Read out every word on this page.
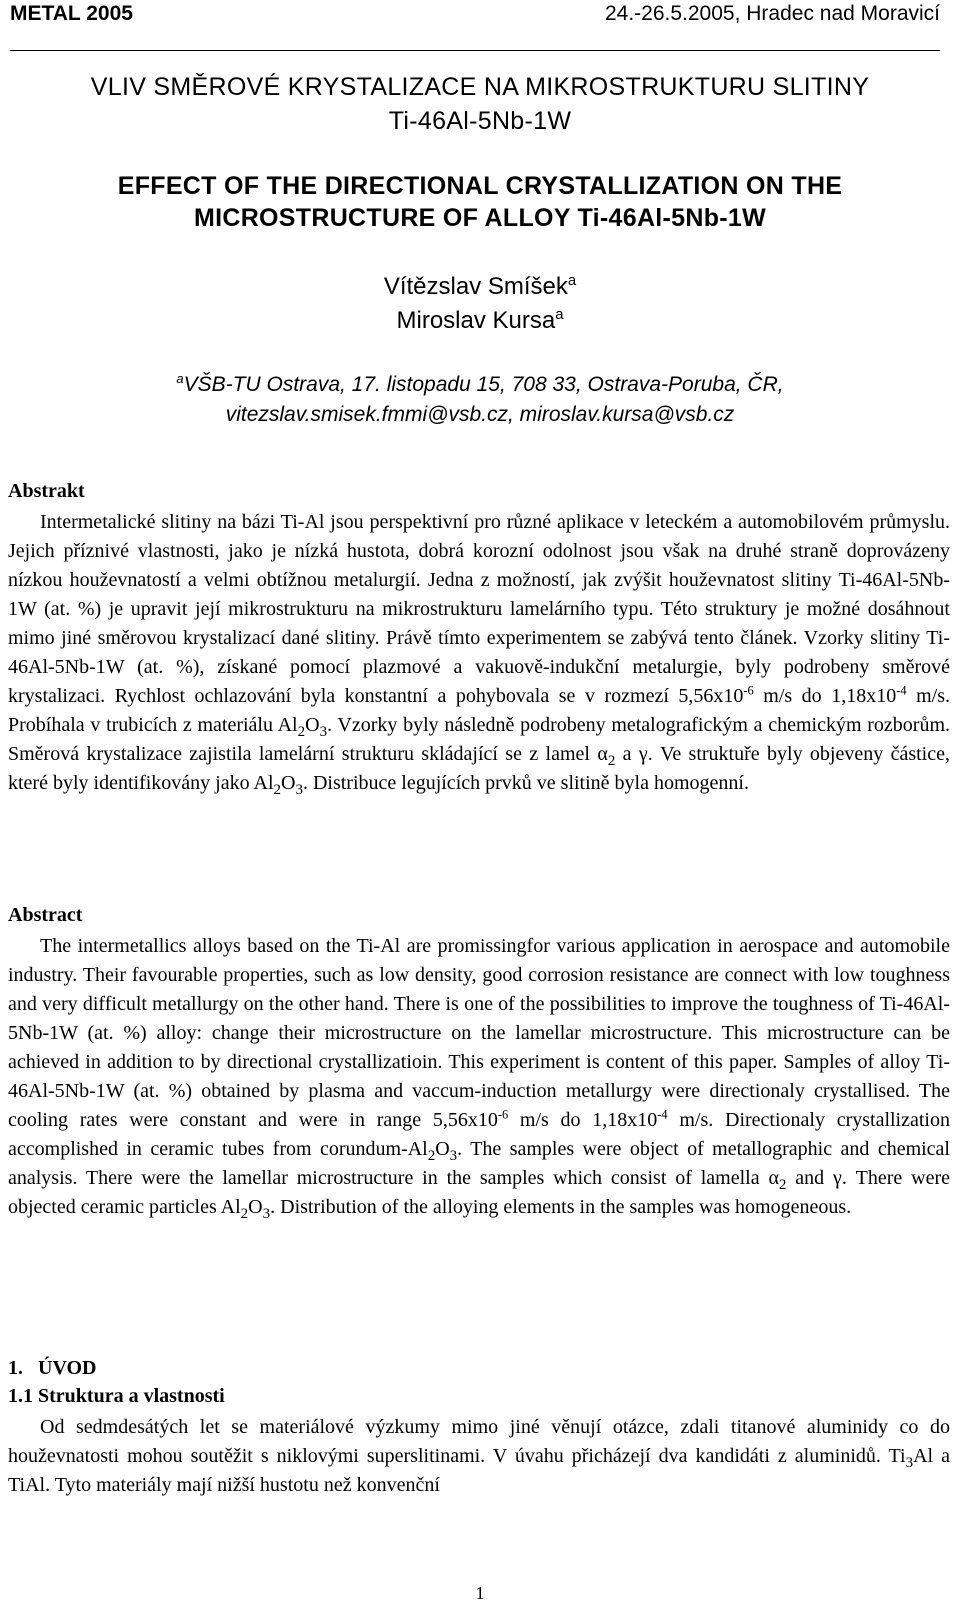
METAL 2005	24.-26.5.2005, Hradec nad Moravicí
VLIV SMĚROVÉ KRYSTALIZACE NA MIKROSTRUKTURU SLITINY
Ti-46Al-5Nb-1W
EFFECT OF THE DIRECTIONAL CRYSTALLIZATION ON THE
MICROSTRUCTURE OF ALLOY Ti-46Al-5Nb-1W
Vítězslav Smíšek$^a$
Miroslav Kursa$^a$
$^a$VŠB-TU Ostrava, 17. listopadu 15, 708 33, Ostrava-Poruba, ČR,
vitezslav.smisek.fmmi@vsb.cz, miroslav.kursa@vsb.cz
Abstrakt

Intermetalické slitiny na bázi Ti-Al jsou perspektivní pro různé aplikace v leteckém a automobilovém průmyslu. Jejich příznivé vlastnosti, jako je nízká hustota, dobrá korozní odolnost jsou však na druhé straně doprovázeny nízkou houževnatostí a velmi obtížnou metalurgií. Jedna z možností, jak zvýšit houževnatost slitiny Ti-46Al-5Nb-1W (at. %) je upravit její mikrostrukturu na mikrostrukturu lamelárního typu. Této struktury je možné dosáhnout mimo jiné směrovou krystalizací dané slitiny. Právě tímto experimentem se zabývá tento článek. Vzorky slitiny Ti-46Al-5Nb-1W (at. %), získané pomocí plazmové a vakuově-indukční metalurgie, byly podrobeny směrové krystalizaci. Rychlost ochlazování byla konstantní a pohybovala se v rozmezí $5,56x10^{-6}$ m/s do $1,18x10^{-4}$ m/s. Probíhala v trubicích z materiálu $Al_2O_3$. Vzorky byly následně podrobeny metalografickým a chemickým rozborům. Směrová krystalizace zajistila lamelární strukturu skládající se z lamel $\alpha_2$ a γ. Ve struktuře byly objeveny částice, které byly identifikovány jako $Al_2O_3$. Distribuce legujících prvků ve slitině byla homogenní.

Abstract

The intermetallics alloys based on the Ti-Al are promissingfor various application in aerospace and automobile industry. Their favourable properties, such as low density, good corrosion resistance are connect with low toughness and very difficult metallurgy on the other hand. There is one of the possibilities to improve the toughness of Ti-46Al-5Nb-1W (at. %) alloy: change their microstructure on the lamellar microstructure. This microstructure can be achieved in addition to by directional crystallizatioin. This experiment is content of this paper. Samples of alloy Ti-46Al-5Nb-1W (at. %) obtained by plasma and vaccum-induction metallurgy were directionaly crystallised. The cooling rates were constant and were in range $5,56x10^{-6}$ m/s do $1,18x10^{-4}$ m/s. Directionaly crystallization accomplished in ceramic tubes from corundum-$Al_2O_3$. The samples were object of metallographic and chemical analysis. There were the lamellar microstructure in the samples which consist of lamella $\alpha_2$ and γ. There were objected ceramic particles $Al_2O_3$. Distribution of the alloying elements in the samples was homogeneous.

1.   ÚVOD
1.1 Struktura a vlastnosti

Od sedmdesátých let se materiálové výzkumy mimo jiné věnují otázce, zdali titanové aluminidy co do houževnatosti mohou soutěžit s niklovými superslitinami. V úvahu přicházejí dva kandidáti z aluminidů. $Ti_3Al$ a TiAl. Tyto materiály mají nižší hustotu než konvenční

1
